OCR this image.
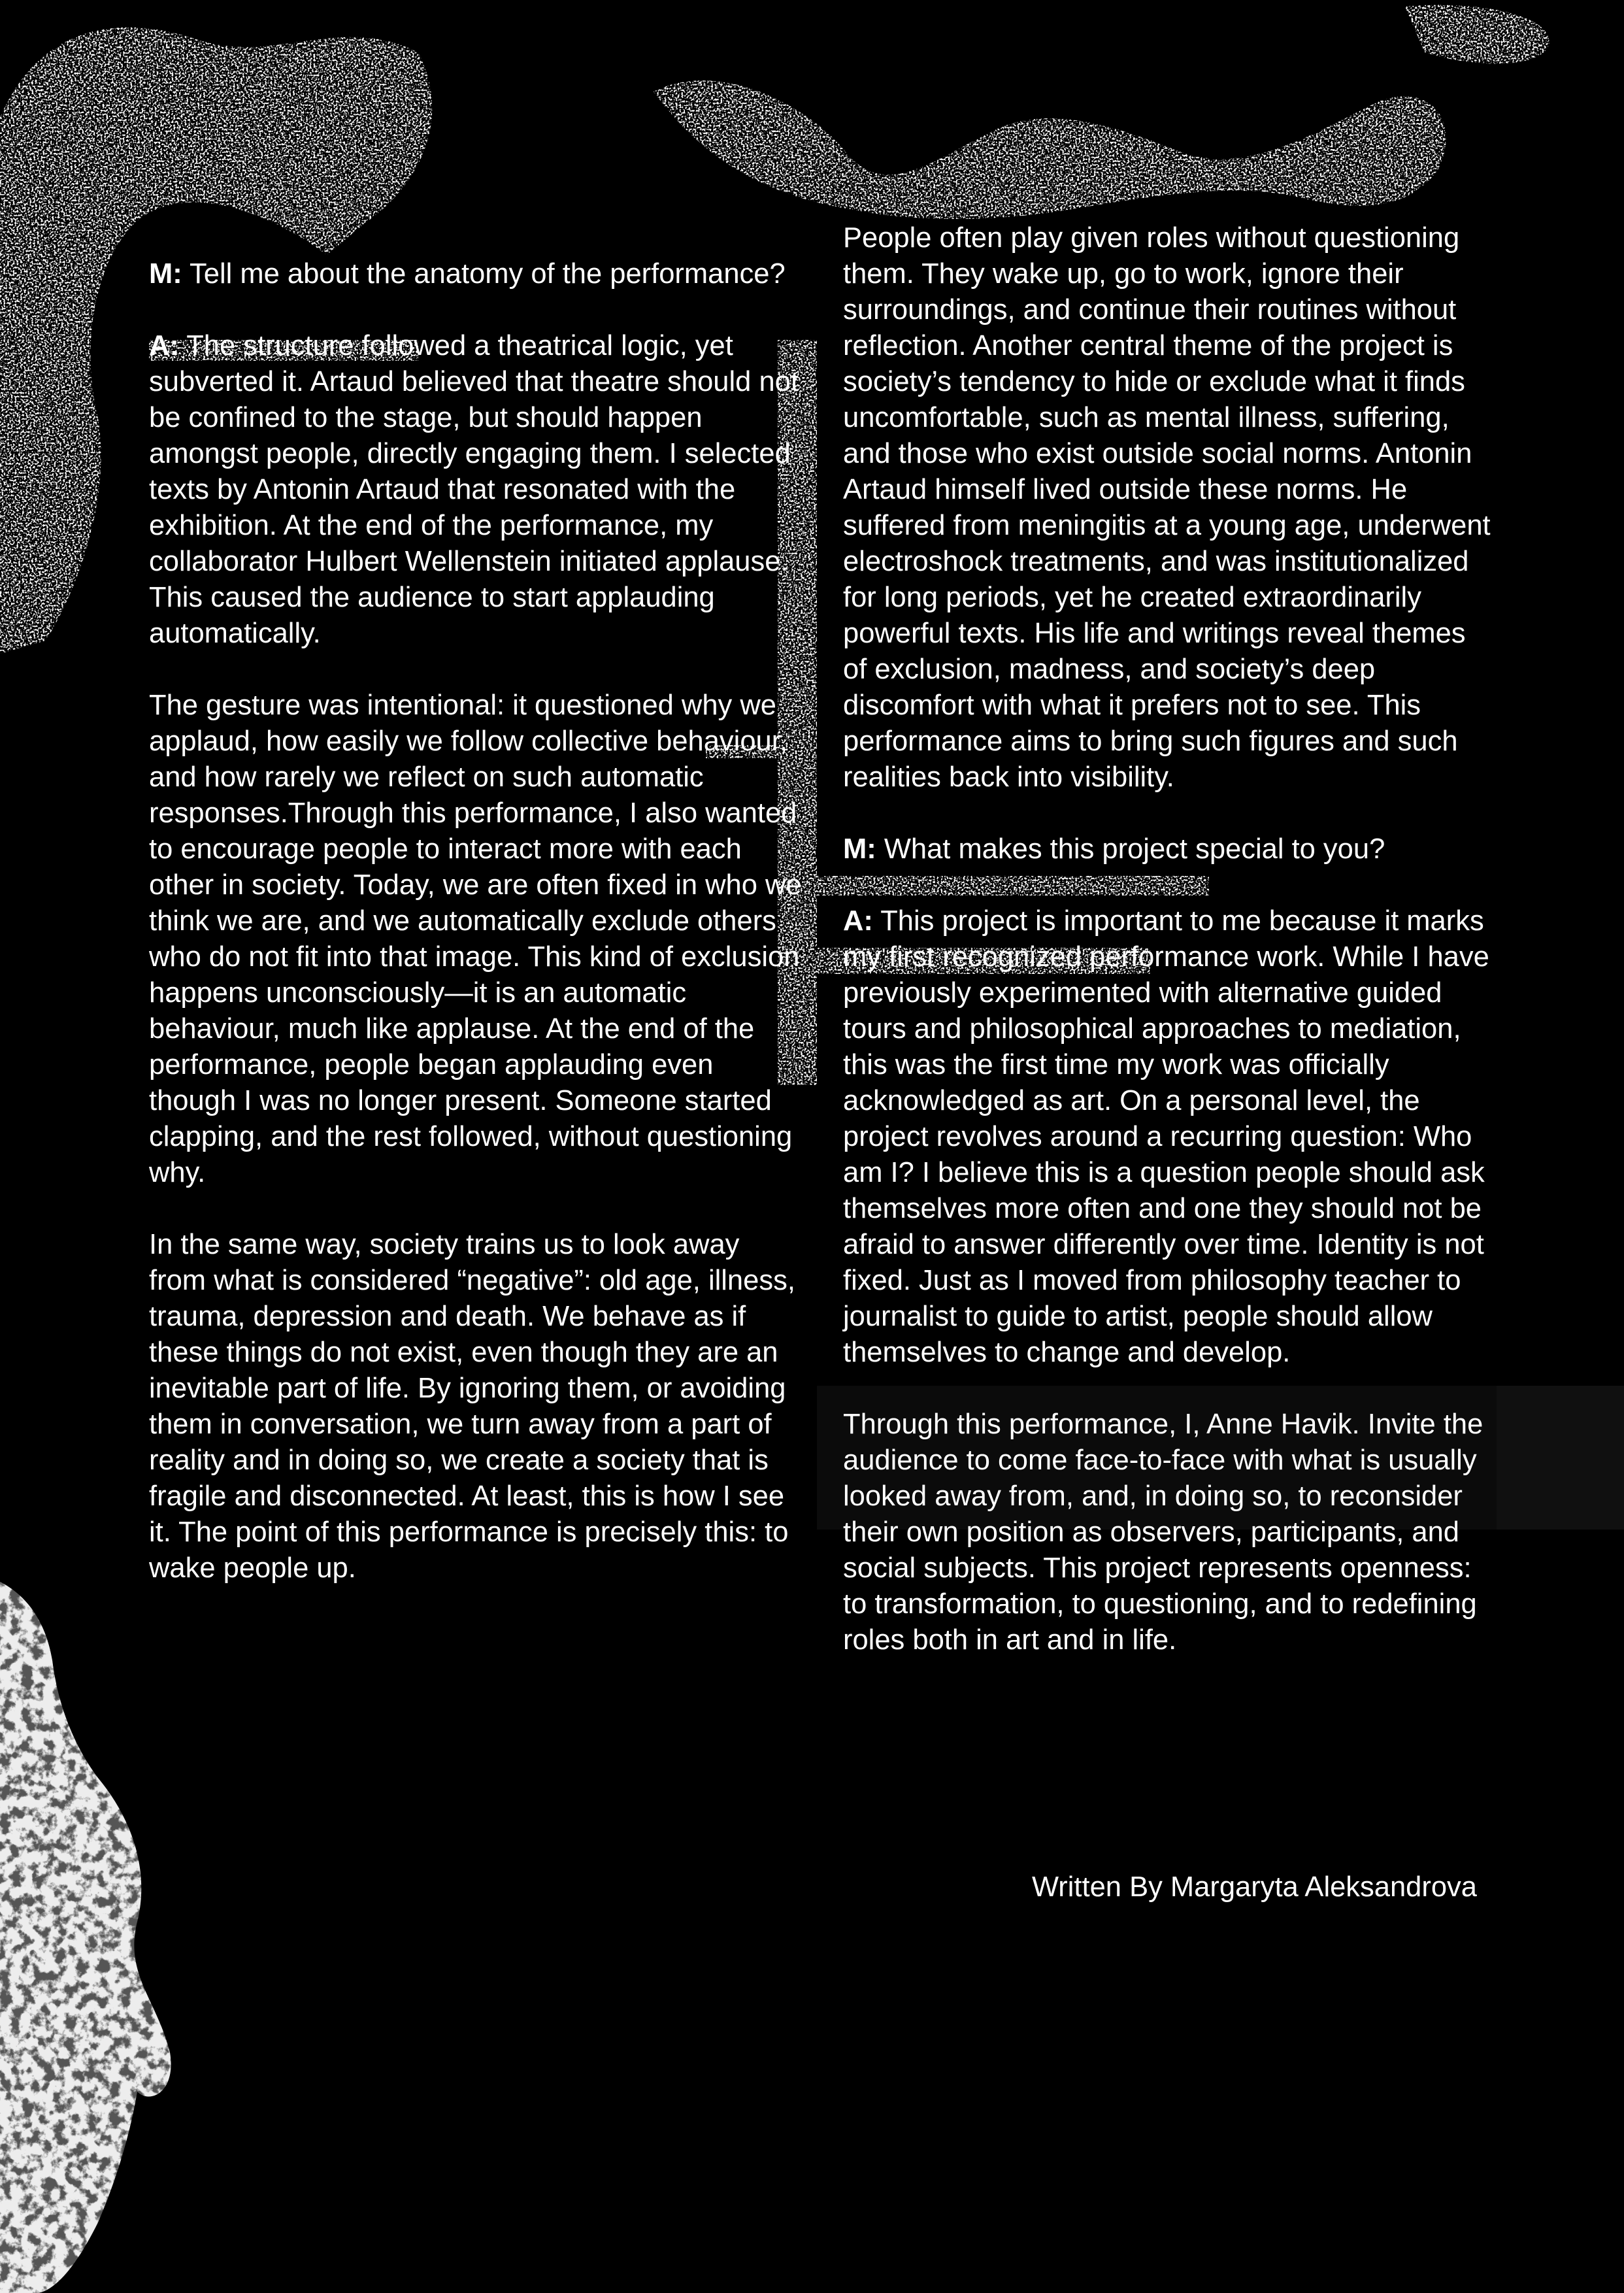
M: Tell me about the anatomy of the performance?

A: The structure followed a theatrical logic, yet subverted it. Artaud believed that theatre should not be confined to the stage, but should happen amongst people, directly engaging them. I selected texts by Antonin Artaud that resonated with the exhibition. At the end of the performance, my collaborator Hulbert Wellenstein initiated applause. This caused the audience to start applauding automatically.

The gesture was intentional: it questioned why we applaud, how easily we follow collective behaviour, and how rarely we reflect on such automatic responses.Through this performance, I also wanted to encourage people to interact more with each other in society. Today, we are often fixed in who we think we are, and we automatically exclude others who do not fit into that image. This kind of exclusion happens unconsciously—it is an automatic behaviour, much like applause. At the end of the performance, people began applauding even though I was no longer present. Someone started clapping, and the rest followed, without questioning why.

In the same way, society trains us to look away from what is considered “negative”: old age, illness, trauma, depression and death. We behave as if these things do not exist, even though they are an inevitable part of life. By ignoring them, or avoiding them in conversation, we turn away from a part of reality and in doing so, we create a society that is fragile and disconnected. At least, this is how I see it. The point of this performance is precisely this: to wake people up.

People often play given roles without questioning them. They wake up, go to work, ignore their surroundings, and continue their routines without reflection. Another central theme of the project is society’s tendency to hide or exclude what it finds uncomfortable, such as mental illness, suffering, and those who exist outside social norms. Antonin Artaud himself lived outside these norms. He suffered from meningitis at a young age, underwent electroshock treatments, and was institutionalized for long periods, yet he created extraordinarily powerful texts. His life and writings reveal themes of exclusion, madness, and society’s deep discomfort with what it prefers not to see. This performance aims to bring such figures and such realities back into visibility.

M: What makes this project special to you?

A: This project is important to me because it marks my first recognized performance work. While I have previously experimented with alternative guided tours and philosophical approaches to mediation, this was the first time my work was officially acknowledged as art. On a personal level, the project revolves around a recurring question: Who am I? I believe this is a question people should ask themselves more often and one they should not be afraid to answer differently over time. Identity is not fixed. Just as I moved from philosophy teacher to journalist to guide to artist, people should allow themselves to change and develop.

Through this performance, I, Anne Havik. Invite the audience to come face-to-face with what is usually looked away from, and, in doing so, to reconsider their own position as observers, participants, and social subjects. This project represents openness: to transformation, to questioning, and to redefining roles both in art and in life.

Written By Margaryta Aleksandrova
